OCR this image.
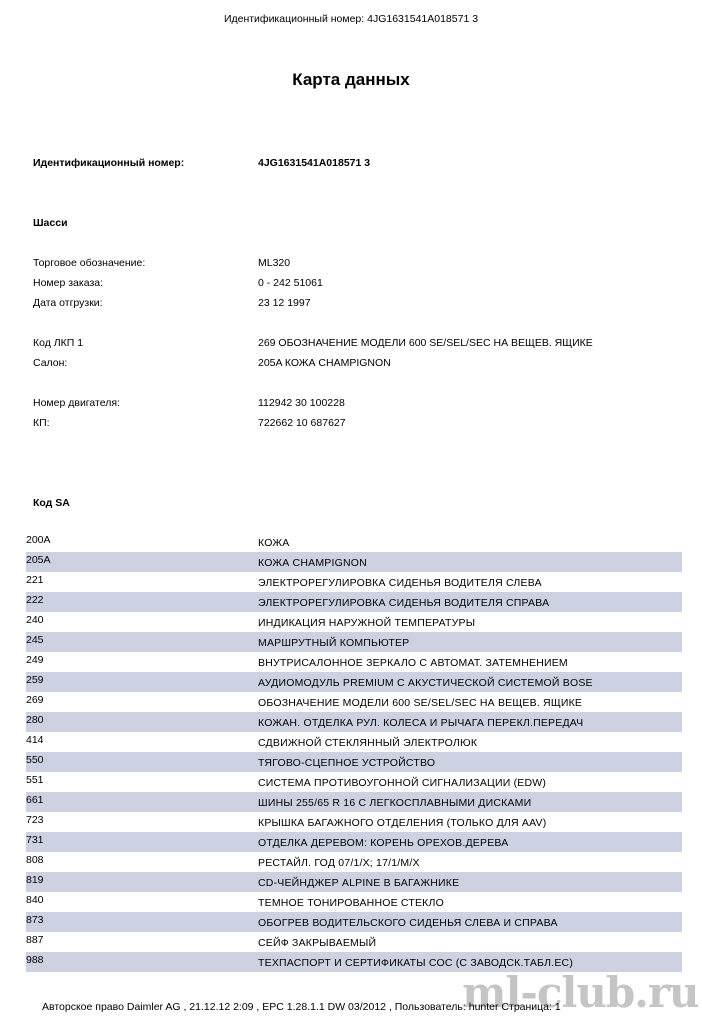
Идентификационный номер: 4JG1631541A018571 3
Карта данных
Идентификационный номер:	4JG1631541A018571 3
Шасси
Торговое обозначение:	ML320
Номер заказа:	0 - 242 51061
Дата отгрузки:	23 12 1997
Код ЛКП 1	269 ОБОЗНАЧЕНИЕ МОДЕЛИ 600 SE/SEL/SEC НА ВЕЩЕВ. ЯЩИКЕ
Салон:	205A КОЖА CHAMPIGNON
Номер двигателя:	112942 30 100228
КП:	722662 10 687627
Код SA
200A	КОЖА
205A	КОЖА CHAMPIGNON
221	ЭЛЕКТРОРЕГУЛИРОВКА СИДЕНЬЯ ВОДИТЕЛЯ СЛЕВА
222	ЭЛЕКТРОРЕГУЛИРОВКА СИДЕНЬЯ ВОДИТЕЛЯ СПРАВА
240	ИНДИКАЦИЯ НАРУЖНОЙ ТЕМПЕРАТУРЫ
245	МАРШРУТНЫЙ КОМПЬЮТЕР
249	ВНУТРИСАЛОННОЕ ЗЕРКАЛО С АВТОМАТ. ЗАТЕМНЕНИЕМ
259	АУДИОМОДУЛЬ PREMIUM С АКУСТИЧЕСКОЙ СИСТЕМОЙ BOSE
269	ОБОЗНАЧЕНИЕ МОДЕЛИ 600 SE/SEL/SEC НА ВЕЩЕВ. ЯЩИКЕ
280	КОЖАН. ОТДЕЛКА РУЛ. КОЛЕСА И РЫЧАГА ПЕРЕКЛ.ПЕРЕДАЧ
414	СДВИЖНОЙ СТЕКЛЯННЫЙ ЭЛЕКТРОЛЮК
550	ТЯГОВО-СЦЕПНОЕ УСТРОЙСТВО
551	СИСТЕМА ПРОТИВОУГОННОЙ СИГНАЛИЗАЦИИ (EDW)
661	ШИНЫ 255/65 R 16 С ЛЕГКОСПЛАВНЫМИ ДИСКАМИ
723	КРЫШКА БАГАЖНОГО ОТДЕЛЕНИЯ (ТОЛЬКО ДЛЯ AAV)
731	ОТДЕЛКА ДЕРЕВОМ: КОРЕНЬ ОРЕХОВ.ДЕРЕВА
808	РЕСТАЙЛ. ГОД 07/1/X; 17/1/M/X
819	CD-ЧЕЙНДЖЕР ALPINE В БАГАЖНИКЕ
840	ТЕМНОЕ ТОНИРОВАННОЕ СТЕКЛО
873	ОБОГРЕВ ВОДИТЕЛЬСКОГО СИДЕНЬЯ СЛЕВА И СПРАВА
887	СЕЙФ ЗАКРЫВАЕМЫЙ
988	ТЕХПАСПОРТ И СЕРТИФИКАТЫ СОС (С ЗАВОДСК.ТАБЛ.ЕС)
ml-club.ru
Авторское право Daimler AG , 21.12.12 2:09 , EPC 1.28.1.1 DW 03/2012 , Пользователь: hunter Страница: 1
